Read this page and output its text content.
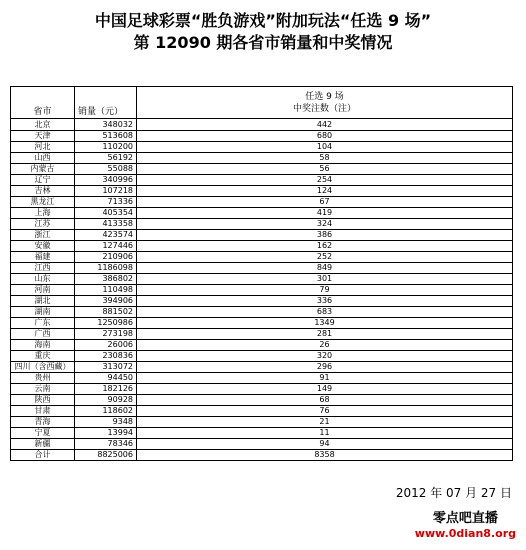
中国足球彩票“胜负游戏”附加玩法“任选 9 场”
第 12090 期各省市销量和中奖情况
省市	销量（元）	任选 9 场
中奖注数（注）

北京	348032	442
天津	513608	680
河北	110200	104
山西	56192	58
内蒙古	55088	56
辽宁	340996	254
吉林	107218	124
黑龙江	71336	67
上海	405354	419
江苏	413358	324
浙江	423574	386
安徽	127446	162
福建	210906	252
江西	1186098	849
山东	386802	301
河南	110498	79
湖北	394906	336
湖南	881502	683
广东	1250986	1349
广西	273198	281
海南	26006	26
重庆	230836	320
四川（含西藏）	313072	296
贵州	94450	91
云南	182126	149
陕西	90928	68
甘肃	118602	76
青海	9348	21
宁夏	13994	11
新疆	78346	94
合计	8825006	8358
2012 年 07 月 27 日
零点吧直播
www.0dian8.org
